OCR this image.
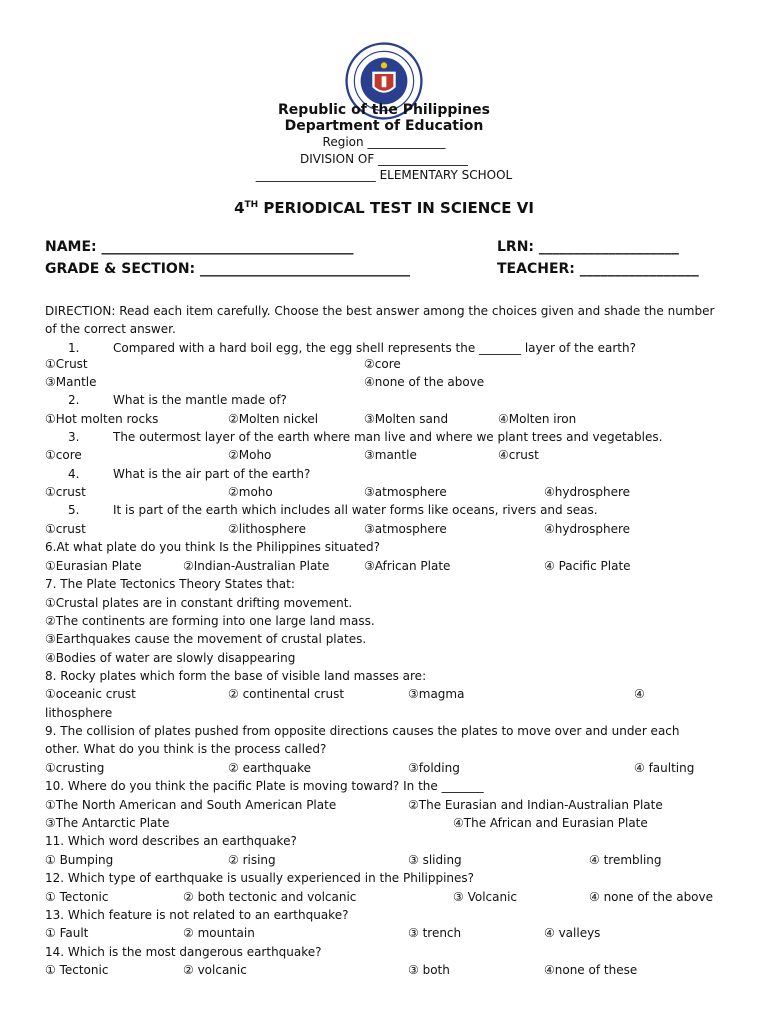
Republic of the Philippines
Department of Education
Region _____________
DIVISION OF _______________
____________________ ELEMENTARY SCHOOL
4TH PERIODICAL TEST IN SCIENCE VI
NAME: ____________________________________	LRN: ____________________
GRADE & SECTION: ______________________________	TEACHER: _________________
DIRECTION: Read each item carefully. Choose the best answer among the choices given and shade the number
of the correct answer.
1.	Compared with a hard boil egg, the egg shell represents the _______ layer of the earth?
①Crust	②core
③Mantle	④none of the above
2.	What is the mantle made of?
①Hot molten rocks	②Molten nickel	③Molten sand	④Molten iron
3.	The outermost layer of the earth where man live and where we plant trees and vegetables.
①core	②Moho	③mantle	④crust
4.	What is the air part of the earth?
①crust	②moho	③atmosphere	④hydrosphere
5.	It is part of the earth which includes all water forms like oceans, rivers and seas.
①crust	②lithosphere	③atmosphere	④hydrosphere
6.At what plate do you think Is the Philippines situated?
①Eurasian Plate	②Indian-Australian Plate	③African Plate	④ Pacific Plate
7. The Plate Tectonics Theory States that:
①Crustal plates are in constant drifting movement.
②The continents are forming into one large land mass.
③Earthquakes cause the movement of crustal plates.
④Bodies of water are slowly disappearing
8. Rocky plates which form the base of visible land masses are:
①oceanic crust	② continental crust	③magma	④
lithosphere
9. The collision of plates pushed from opposite directions causes the plates to move over and under each
other. What do you think is the process called?
①crusting	② earthquake	③folding	④ faulting
10. Where do you think the pacific Plate is moving toward? In the _______
①The North American and South American Plate	②The Eurasian and Indian-Australian Plate
③The Antarctic Plate	④The African and Eurasian Plate
11. Which word describes an earthquake?
① Bumping	② rising	③ sliding	④ trembling
12. Which type of earthquake is usually experienced in the Philippines?
① Tectonic	② both tectonic and volcanic	③ Volcanic	④ none of the above
13. Which feature is not related to an earthquake?
① Fault	② mountain	③ trench	④ valleys
14. Which is the most dangerous earthquake?
① Tectonic	② volcanic	③ both	④none of these
